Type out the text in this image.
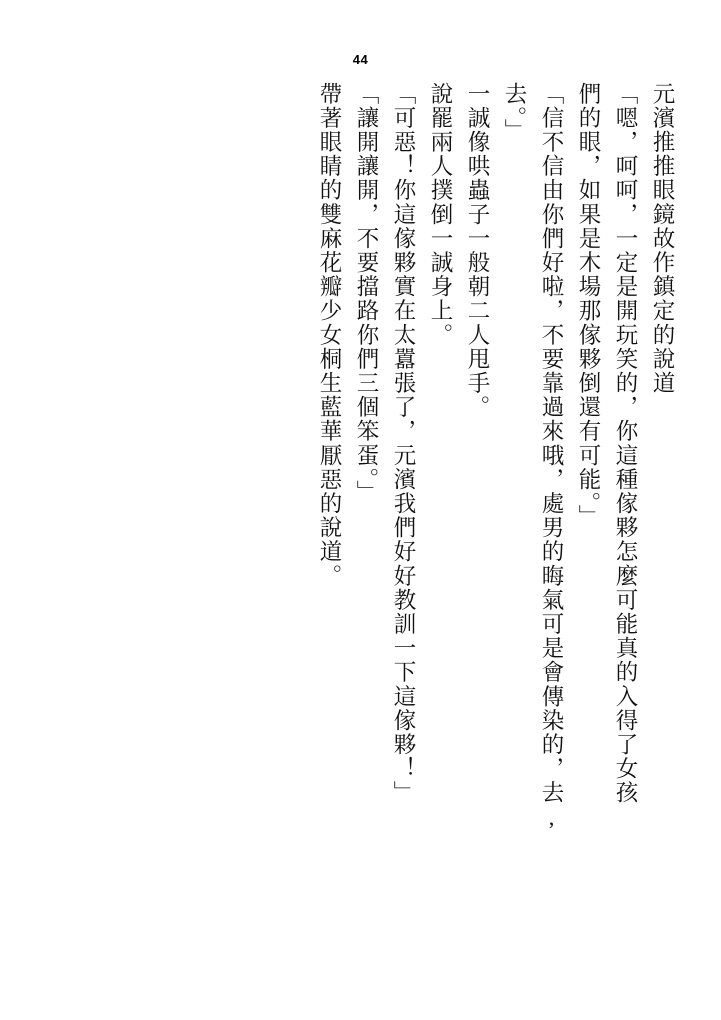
44
帶著眼睛的雙麻花瓣少女桐生藍華厭惡的說道。 「讓開讓開，不要擋路你們三個笨蛋。」 「可惡！你這傢夥實在太囂張了，元濱我們好好教訓一下這傢夥！」 說罷兩人撲倒一誠身上。 一誠像哄蟲子一般朝二人甩手。 去。」 「信不信由你們好啦，不要靠過來哦，處男的晦氣可是會傳染的，去, 們的眼，如果是木場那傢夥倒還有可能。」 「嗯，呵呵，一定是開玩笑的，你這種傢夥怎麼可能真的入得了女孩 元濱推推眼鏡故作鎮定的說道
